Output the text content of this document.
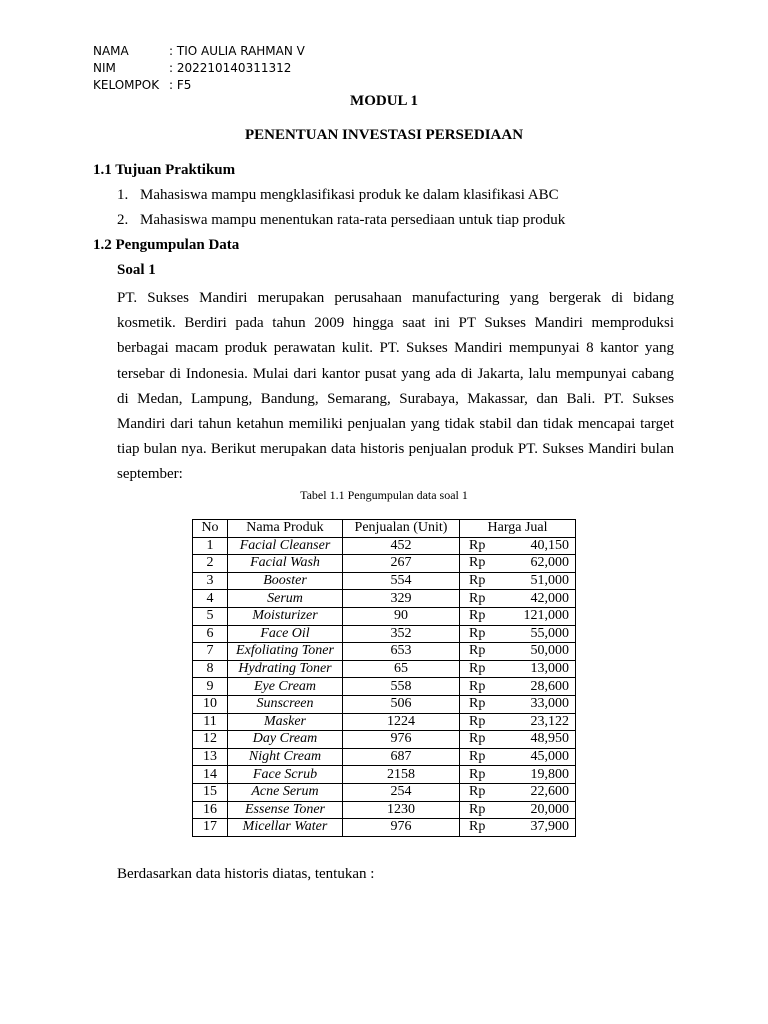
NAMA	: TIO AULIA RAHMAN V
NIM	: 202210140311312
KELOMPOK : F5
MODUL 1
PENENTUAN INVESTASI PERSEDIAAN
1.1 Tujuan Praktikum
1. Mahasiswa mampu mengklasifikasi produk ke dalam klasifikasi ABC
2. Mahasiswa mampu menentukan rata-rata persediaan untuk tiap produk
1.2 Pengumpulan Data
Soal 1
PT. Sukses Mandiri merupakan perusahaan manufacturing yang bergerak di bidang kosmetik. Berdiri pada tahun 2009 hingga saat ini PT Sukses Mandiri memproduksi berbagai macam produk perawatan kulit. PT. Sukses Mandiri mempunyai 8 kantor yang tersebar di Indonesia. Mulai dari kantor pusat yang ada di Jakarta, lalu mempunyai cabang di Medan, Lampung, Bandung, Semarang, Surabaya, Makassar, dan Bali. PT. Sukses Mandiri dari tahun ketahun memiliki penjualan yang tidak stabil dan tidak mencapai target tiap bulan nya. Berikut merupakan data historis penjualan produk PT. Sukses Mandiri bulan september:
Tabel 1.1 Pengumpulan data soal 1
No	Nama Produk	Penjualan (Unit)	Harga Jual
1	Facial Cleanser	452	Rp 40,150

2	Facial Wash	267	Rp 62,000

3	Booster	554	Rp 51,000

4	Serum	329	Rp 42,000

5	Moisturizer	90	Rp 121,000

6	Face Oil	352	Rp 55,000

7	Exfoliating Toner	653	Rp 50,000

8	Hydrating Toner	65	Rp 13,000

9	Eye Cream	558	Rp 28,600

10	Sunscreen	506	Rp 33,000

11	Masker	1224	Rp 23,122

12	Day Cream	976	Rp 48,950

13	Night Cream	687	Rp 45,000

14	Face Scrub	2158	Rp 19,800

15	Acne Serum	254	Rp 22,600

16	Essense Toner	1230	Rp 20,000

17	Micellar Water	976	Rp 37,900
Berdasarkan data historis diatas, tentukan :
